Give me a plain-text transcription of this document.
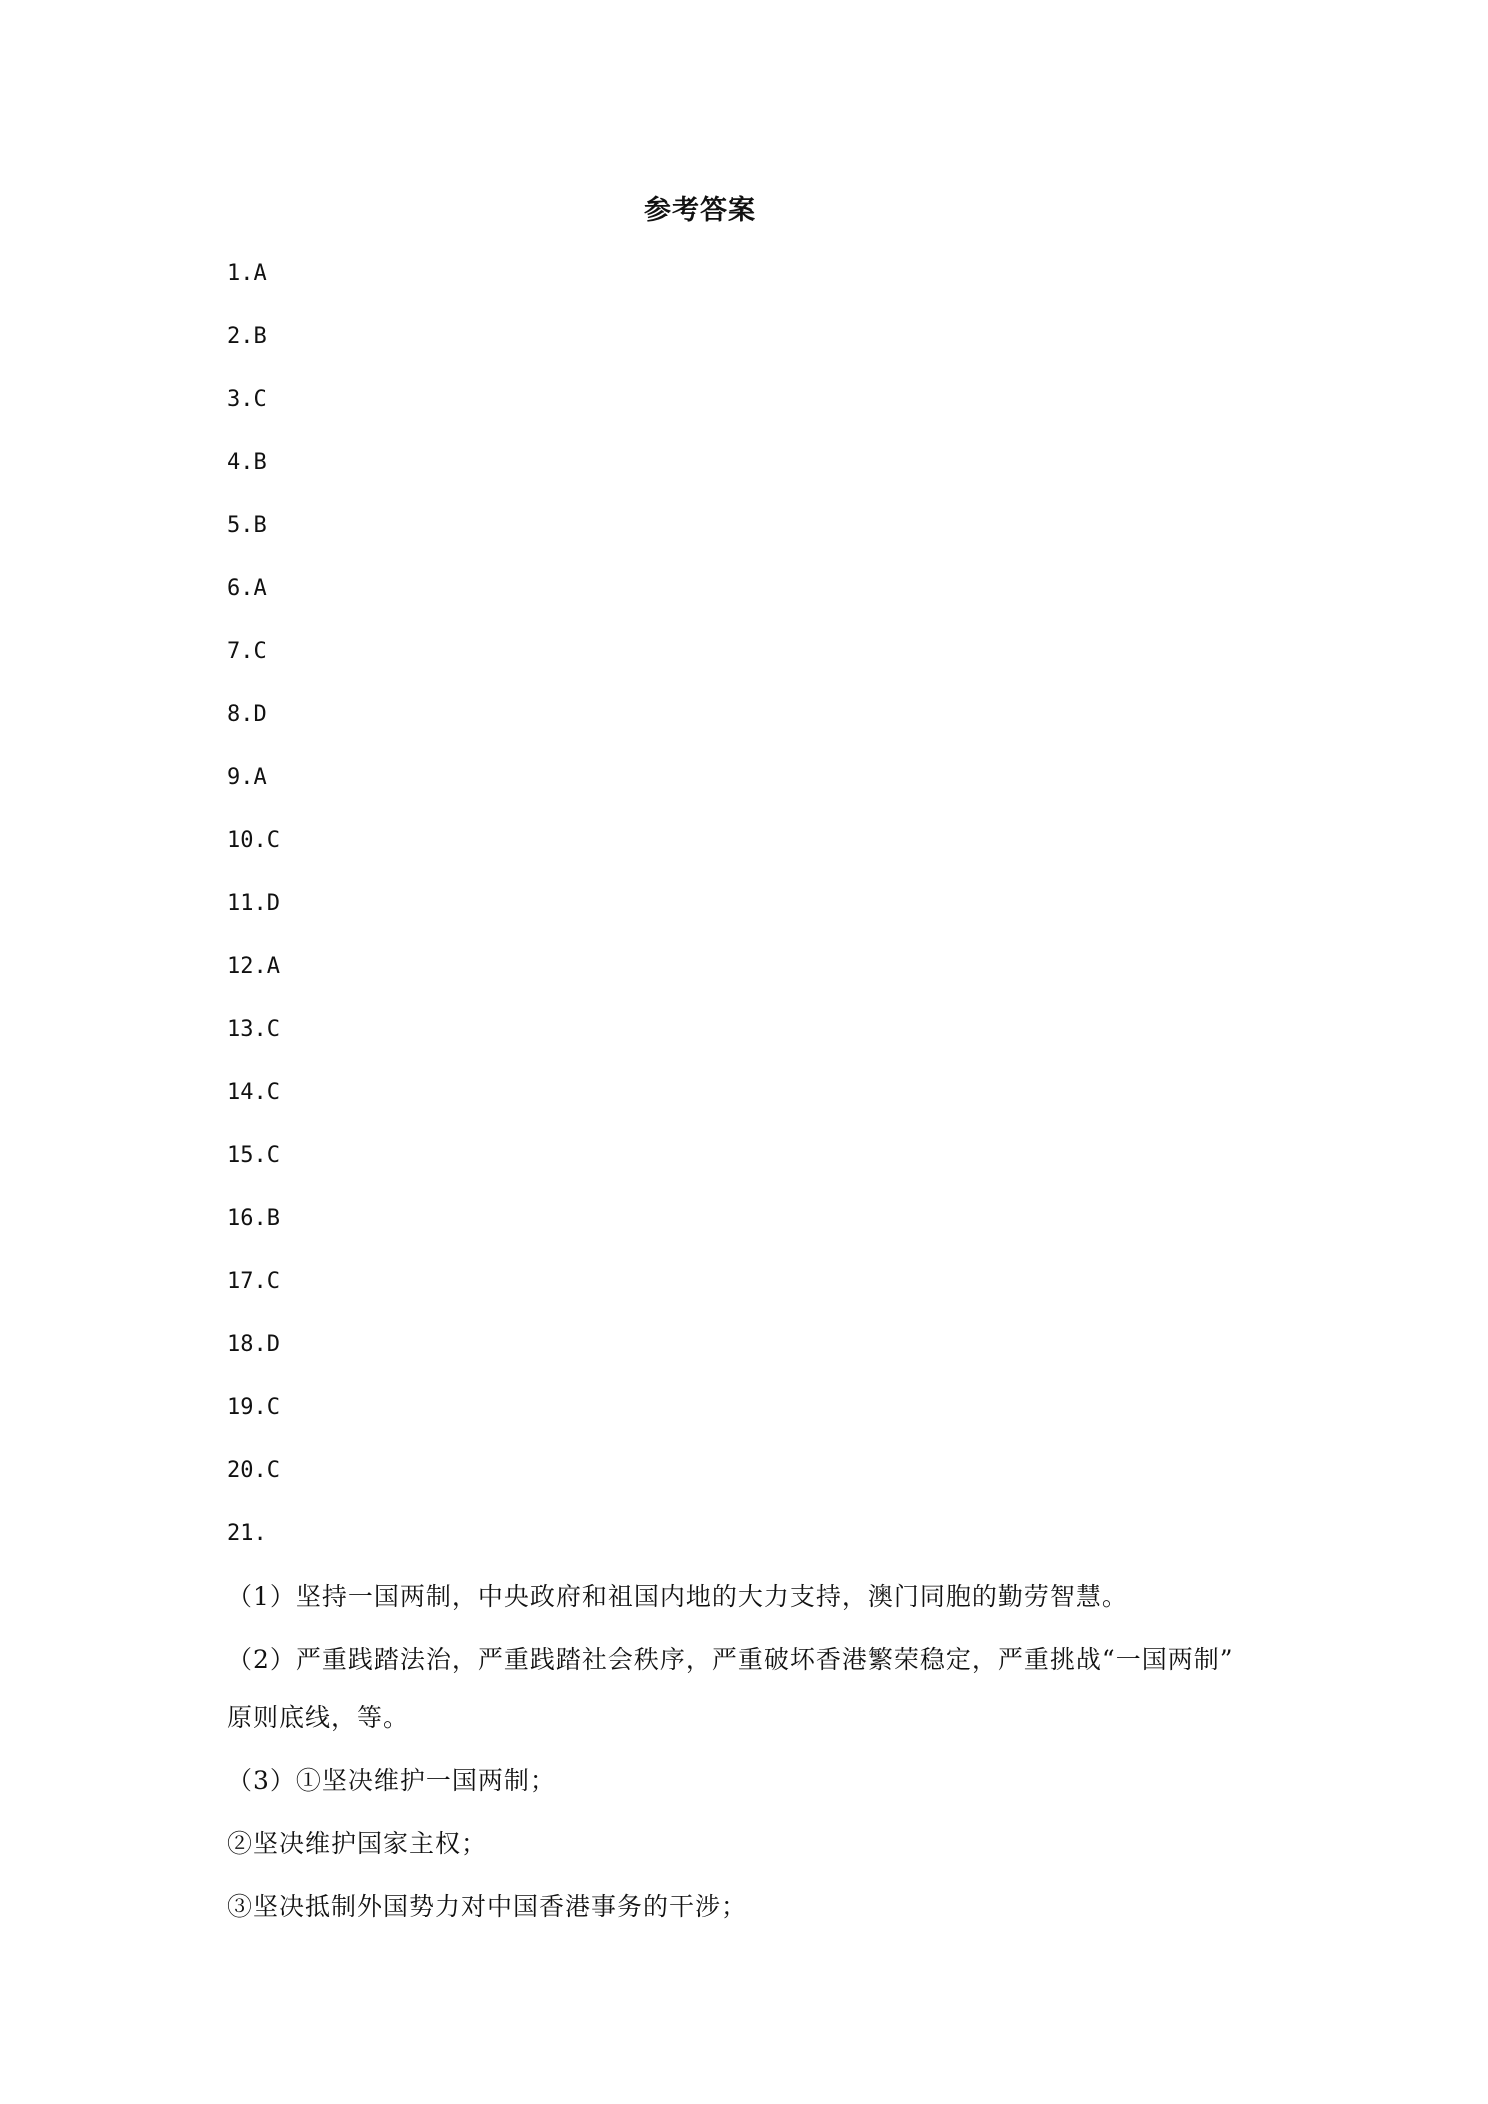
参考答案
1.A
2.B
3.C
4.B
5.B
6.A
7.C
8.D
9.A
10.C
11.D
12.A
13.C
14.C
15.C
16.B
17.C
18.D
19.C
20.C
21.
（1）坚持一国两制，中央政府和祖国内地的大力支持，澳门同胞的勤劳智慧。
（2）严重践踏法治，严重践踏社会秩序，严重破坏香港繁荣稳定，严重挑战“一国两制”
原则底线，等。
（3）①坚决维护一国两制；
②坚决维护国家主权；
③坚决抵制外国势力对中国香港事务的干涉；
